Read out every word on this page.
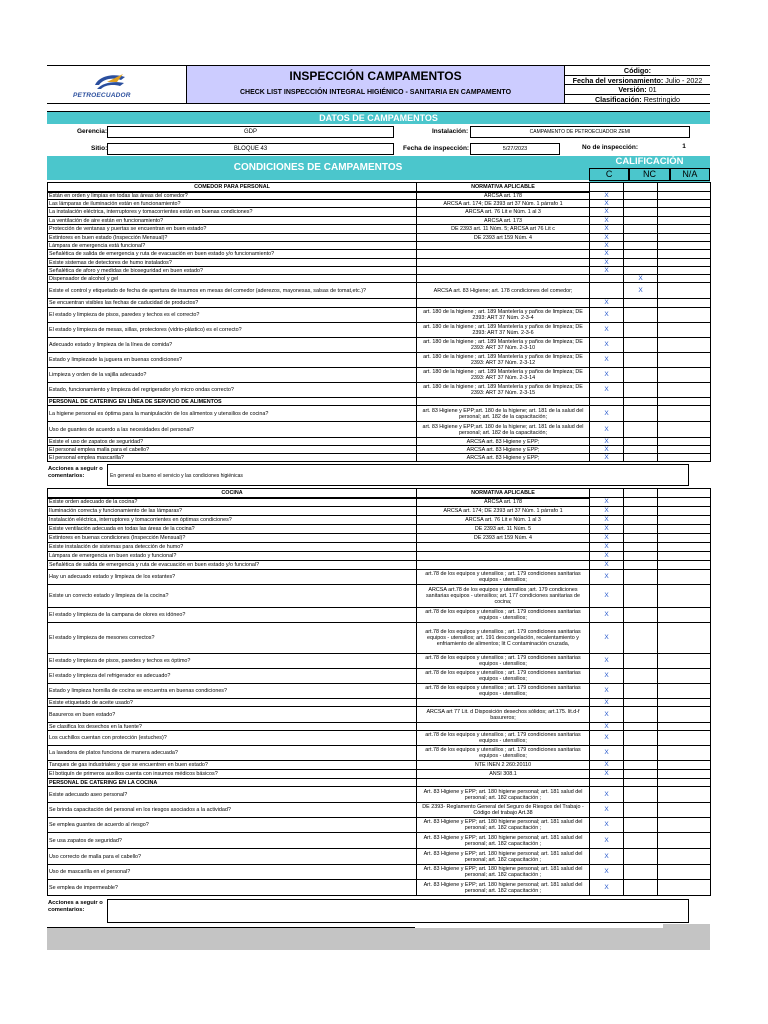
PETROECUADOR
INSPECCIÓN CAMPAMENTOS
CHECK LIST INSPECCIÓN INTEGRAL HIGIÉNICO - SANITARIA EN CAMPAMENTO
Código:
Fecha del versionamiento: Julio - 2022
Versión: 01
Clasificación: Restringido
DATOS DE CAMPAMENTOS
Gerencia:	GDP	Instalación:	CAMPAMENTO DE PETROECUADOR ZEMI
Sitio:	BLOQUE 43	Fecha de inspección:	5/27/2023	No de inspección:	1
CONDICIONES DE CAMPAMENTOS
CALIFICACIÓN
C	NC	N/A
COMEDOR PARA PERSONAL	NORMATIVA APLICABLE			
Están en orden y limpias en todas las áreas del comedor?	ARCSA art. 178	X		
Las lámparas de iluminación están en funcionamiento?	ARCSA art. 174; DE 2393 art 37 Núm. 1 párrafo 1	X		
La instalación eléctrica, interruptores y tomacorrientes están en buenas condiciones?	ARCSA art. 76 Lit e Núm. 1 al 3	X		
La ventilación de aire están en funcionamiento?	ARCSA art. 173	X		
Protección de ventanas y puertas se encuentran en buen estado?	DE 2393 art. 11 Núm. 5; ARCSA art 76 Lit c	X		
Extintores en buen estado (Inspección Mensual)?	DE 2393 art 159 Núm. 4	X		
Lámpara de emergencia está funcional?		X		
Señalética de salida de emergencia y ruta de evacuación en buen estado y/o funcionamiento?		X		
Existe sistemas de detectores de humo instalados?		X		
Señalética de aforo y medidas de bioseguridad en buen estado?		X		
Dispensador de alcohol y gel			X	
Existe el control y etiquetado de fecha de apertura de insumos en mesas del comedor (aderezos, mayonesas, salsas de tomat,etc.)?	ARCSA art. 83 Higiene; art. 178 condiciones del comedor;		X	
Se encuentran visibles las fechas de caducidad de productos?		X		
El estado y limpieza de pisos, paredes y techos es el correcto?	art. 180 de la higiene ; art. 189 Mantelería y paños de limpieza; DE 2393: ART 37 Núm. 2-3-4	X		
El estado y limpieza de mesas, sillas, protectores (vidrio-plástico) es el correcto?	art. 180 de la higiene ; art. 189 Mantelería y paños de limpieza; DE 2393: ART 37 Núm. 2-3-6	X		
Adecuado estado y limpieza de la línea de comida?	art. 180 de la higiene ; art. 189 Mantelería y paños de limpieza; DE 2393: ART 37 Núm. 2-3-10	X		
Estado y limpiezade la juguera en buenas condiciones?	art. 180 de la higiene ; art. 189 Mantelería y paños de limpieza; DE 2393: ART 37 Núm. 2-3-12	X		
Limpieza y orden de la vajilla adecuado?	art. 180 de la higiene ; art. 189 Mantelería y paños de limpieza; DE 2393: ART 37 Núm. 2-3-14	X		
Estado, funcionamiento y limpieza del regrigerador y/o micro ondas correcto?	art. 180 de la higiene ; art. 189 Mantelería y paños de limpieza; DE 2393: ART 37 Núm. 2-3-15	X		
PERSONAL DE CATERING EN LÍNEA DE SERVICIO DE ALIMENTOS				
La higiene personal es óptima para la manipulación de los alimentos y utensilios de cocina?	art. 83 Higiene y EPP;art. 180 de la higiene; art. 181 de la salud del personal; art. 182 de la capacitación;	X		
Uso de guantes de acuerdo a las necesidades del personal?	art. 83 Higiene y EPP;art. 180 de la higiene; art. 181 de la salud del personal; art. 182 de la capacitación;	X		
Existe el uso de zapatos de seguridad?	ARCSA art. 83 Higiene y EPP;	X		
El personal emplea malla para el cabello?	ARCSA art. 83 Higiene y EPP;	X		
El personal emplea mascarilla?	ARCSA art. 83 Higiene y EPP;	X		
Acciones a seguir o comentarios:	En general es bueno el servicio y las condiciones higiénicas
COCINA	NORMATIVA APLICABLE			
Existe orden adecuado de la cocina?	ARCSA art. 178	X		
Iluminación correcta y funcionamiento de las lámparas?	ARCSA art. 174; DE 2393 art 37 Núm. 1 párrafo 1	X		
Instalación eléctrica, interruptores y tomacorrientes en óptimas condiciones?	ARCSA art. 76 Lit e Núm. 1 al 3	X		
Existe ventilación adecuada en todas las áreas de la cocina?	DE 2393 art. 11 Núm. 5	X		
Extintores en buenas condiciones (Inspección Mensual)?	DE 2393 art 159 Núm. 4	X		
Existe instalación de sistemas para detección de humo?		X		
Lámpara de emergencia en buen estado y funcional?		X		
Señalética de salida de emergencia y ruta de evacuación en buen estado y/o funcional?		X		
Hay un adecuado estado y limpieza de los estantes?	art.78 de los equipos y utensilios ; art. 179 condiciones sanitarias equipos - utensilios;	X		
Existe un correcto estado y limpieza de la cocina?	ARCSA art.78 de los equipos y utensilios ;art. 179 condiciones sanitarias equipos - utensilios; art. 177 condiciones sanitarias de cocina;	X		
El estado y limpieza de la campana de olores es idóneo?	art.78 de los equipos y utensilios ; art. 179 condiciones sanitarias equipos - utensilios;	X		
El estado y limpieza de mesones correctos?	art.78 de los equipos y utensilios ; art. 179 condiciones sanitarias equipos - utensilios; art. 191 descongelación, recalentamiento y enfriamiento de alimentos; lit C contaminación cruzada,	X		
El estado y limpieza de pisos, paredes y techos es óptimo?	art.78 de los equipos y utensilios ; art. 179 condiciones sanitarias equipos - utensilios;	X		
El estado y limpieza del refrigerador es adecuado?	art.78 de los equipos y utensilios ; art. 179 condiciones sanitarias equipos - utensilios;	X		
Estado y limpieza hornilla de cocina se encuentra en buenas condiciones?	art.78 de los equipos y utensilios ; art. 179 condiciones sanitarias equipos - utensilios;	X		
Existe etiquetado de aceite usado?		X		
Basureros en buen estado?	ARCSA art 77 Lit. d Disposición desechos sólidos; art.175. lit.d-f basureros;	X		
Se clasifica los desechos en la fuente?		X		
Los cuchillos cuentan con protección (estuches)?	art.78 de los equipos y utensilios ; art. 179 condiciones sanitarias equipos - utensilios;	X		
La lavadora de platos funciona de manera adecuada?	art.78 de los equipos y utensilios ; art. 179 condiciones sanitarias equipos - utensilios;	X		
Tanques de gas industriales y que se encuentren en buen estado?	NTE INEN 2 260:20110	X		
El botiquín de primeros auxilios cuenta con insumos médicos básicos?	ANSI 308.1	X		
PERSONAL DE CATERING EN LA COCINA				
Existe adecuado aseo personal?	Art. 83 Higiene y EPP; art. 180 higiene personal; art. 181 salud del personal; art. 182 capacitación ;	X		
Se brinda capacitación del personal en los riesgos asociados a la actividad?	DE 2393- Reglamento General del Seguro de Riesgos del Trabajo - Código del trabajo Art.38	X		
Se emplea guantes de acuerdo al riesgo?	Art. 83 Higiene y EPP; art. 180 higiene personal; art. 181 salud del personal; art. 182 capacitación ;	X		
Se usa zapatos de seguridad?	Art. 83 Higiene y EPP; art. 180 higiene personal; art. 181 salud del personal; art. 182 capacitación ;	X		
Uso correcto de malla para el cabello?	Art. 83 Higiene y EPP; art. 180 higiene personal; art. 181 salud del personal; art. 182 capacitación ;	X		
Uso de mascarilla en el personal?	Art. 83 Higiene y EPP; art. 180 higiene personal; art. 181 salud del personal; art. 182 capacitación ;	X		
Se emplea de impermeable?	Art. 83 Higiene y EPP; art. 180 higiene personal; art. 181 salud del personal; art. 182 capacitación ;	X		
Acciones a seguir o comentarios:
